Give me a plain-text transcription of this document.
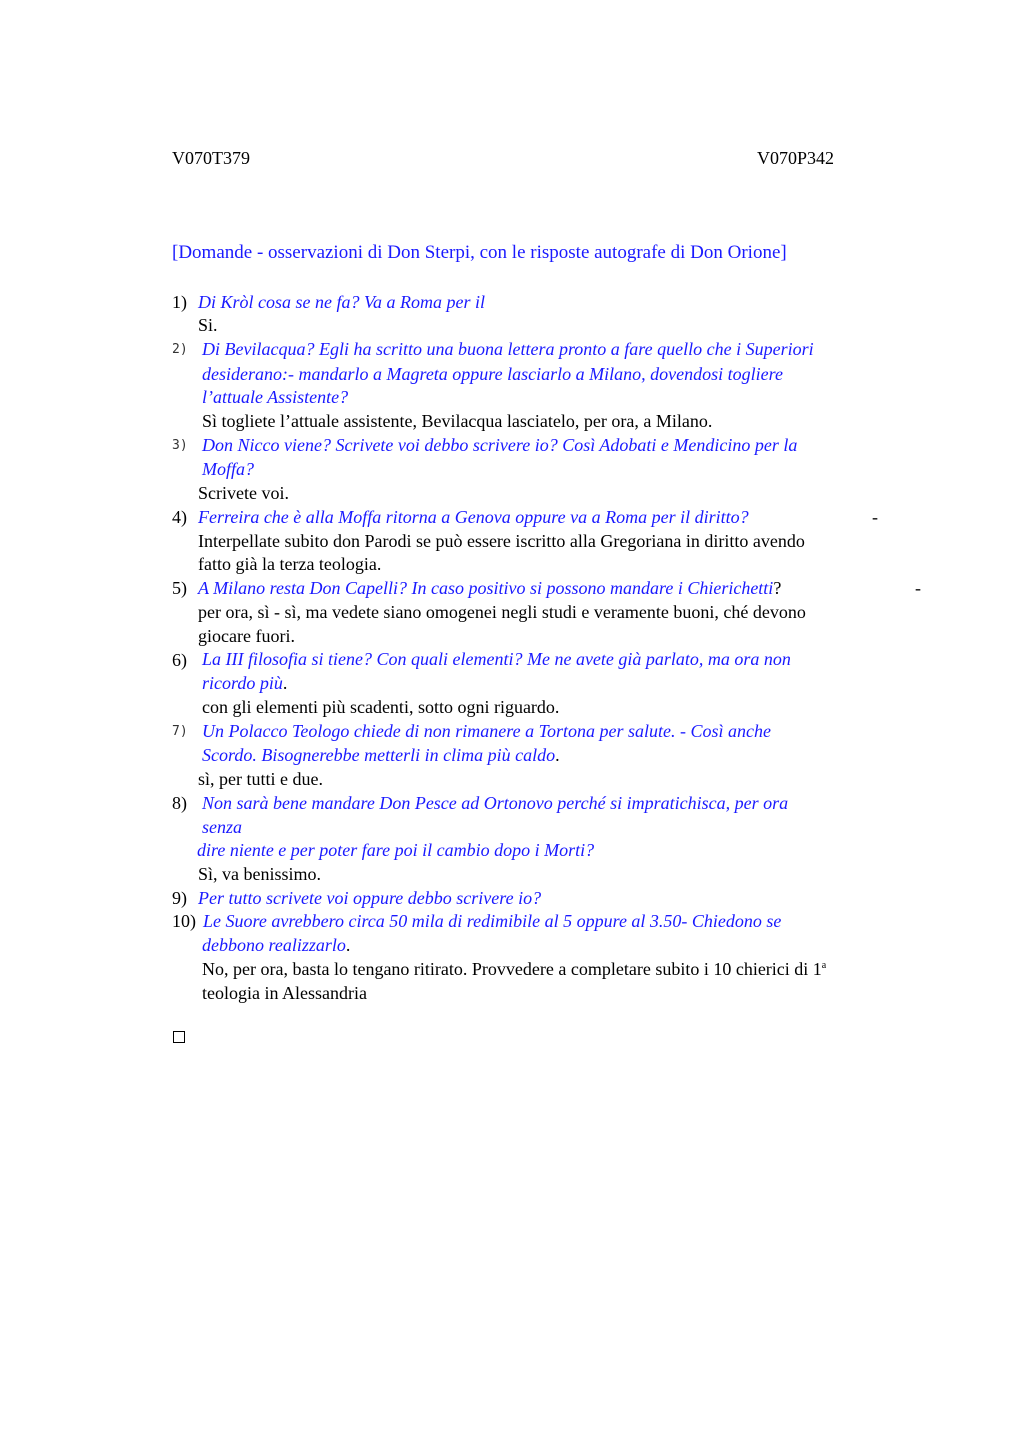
V070T379	V070P342
[Domande - osservazioni di Don Sterpi, con le risposte autografe di Don Orione]
1) Di Kròl cosa se ne fa? Va a Roma per il
Si.
2) Di Bevilacqua? Egli ha scritto una buona lettera pronto a fare quello che i Superiori
desiderano:- mandarlo a Magreta oppure lasciarlo a Milano, dovendosi togliere
l’attuale Assistente?
Sì togliete l’attuale assistente, Bevilacqua lasciatelo, per ora, a Milano.
3) Don Nicco viene? Scrivete voi debbo scrivere io? Così Adobati e Mendicino per la
Moffa?
Scrivete voi.
4) Ferreira che è alla Moffa ritorna a Genova oppure va a Roma per il diritto?	-
Interpellate subito don Parodi se può essere iscritto alla Gregoriana in diritto avendo
fatto già la terza teologia.
5) A Milano resta Don Capelli? In caso positivo si possono mandare i Chierichetti?	-
per ora, sì - sì, ma vedete siano omogenei negli studi e veramente buoni, ché devono
giocare fuori.
6) La III filosofia si tiene? Con quali elementi? Me ne avete già parlato, ma ora non
ricordo più.
con gli elementi più scadenti, sotto ogni riguardo.
7) Un Polacco Teologo chiede di non rimanere a Tortona per salute. - Così anche
Scordo. Bisognerebbe metterli in clima più caldo.
sì, per tutti e due.
8) Non sarà bene mandare Don Pesce ad Ortonovo perché si impratichisca, per ora
senza
dire niente e per poter fare poi il cambio dopo i Morti?
Sì, va benissimo.
9) Per tutto scrivete voi oppure debbo scrivere io?
10) Le Suore avrebbero circa 50 mila di redimibile al 5 oppure al 3.50- Chiedono se
debbono realizzarlo.
No, per ora, basta lo tengano ritirato. Provvedere a completare subito i 10 chierici di 1$^a$
teologia in Alessandria
